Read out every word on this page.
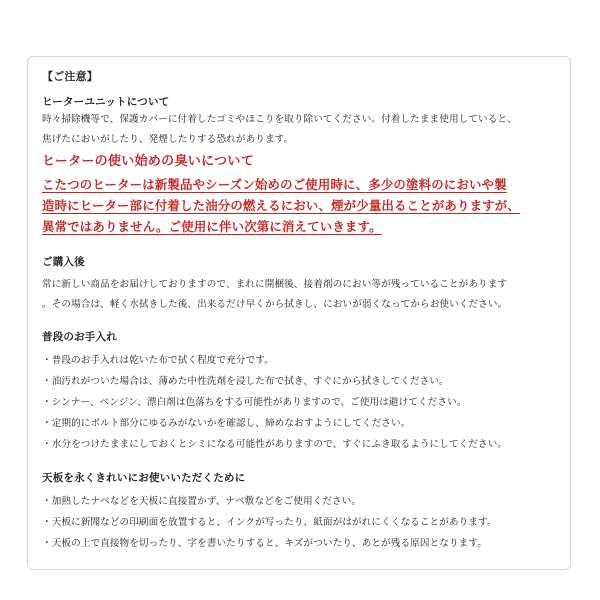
【ご注意】
ヒーターユニットについて
時々掃除機等で、保護カバーに付着したゴミやほこりを取り除いてください。付着したまま使用していると、
焦げたにおいがしたり、発煙したりする恐れがあります。
ヒーターの使い始めの臭いについて
こたつのヒーターは新製品やシーズン始めのご使用時に、多少の塗料のにおいや製
造時にヒーター部に付着した油分の燃えるにおい、煙が少量出ることがありますが、
異常ではありません。ご使用に伴い次第に消えていきます。
ご購入後
常に新しい商品をお届けしておりますので、まれに開梱後、接着剤のにおい等が残っていることがあります
。その場合は、軽く水拭きした後、出来るだけ早くから拭きし、においが弱くなってからお使いください。
普段のお手入れ
・普段のお手入れは乾いた布で拭く程度で充分です。
・油汚れがついた場合は、薄めた中性洗剤を浸した布で拭き、すぐにから拭きしてください。
・シンナー、ベンジン、漂白剤は色落ちをする可能性がありますので、ご使用は避けてください。
・定期的にボルト部分にゆるみがないかを確認し、締めなおすようにしてください。
・水分をつけたままにしておくとシミになる可能性がありますので、すぐにふき取るようにしてください。
天板を永くきれいにお使いいただくために
・加熱したナベなどを天板に直接置かず、ナベ敷などをご使用ください。
・天板に新聞などの印刷面を放置すると、インクが写ったり、紙面がはがれにくくなることがあります。
・天板の上で直接物を切ったり、字を書いたりすると、キズがついたり、あとが残る原因となります。
